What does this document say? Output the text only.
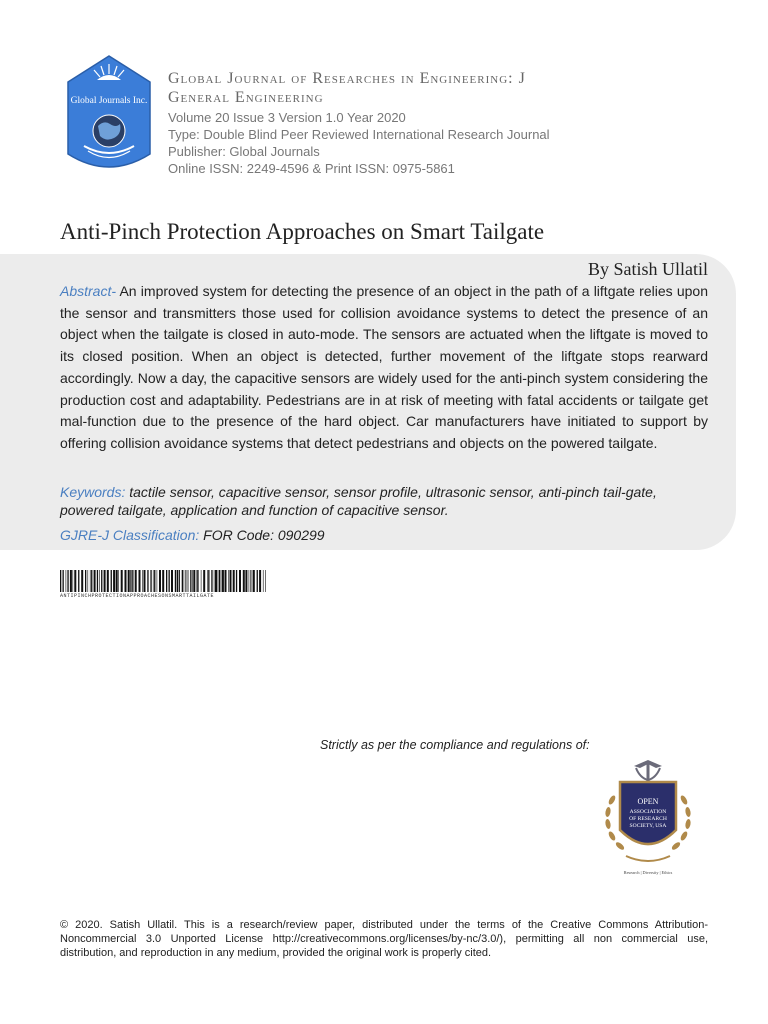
Global Journals Inc.
Global Journal of Researches in Engineering: J
General Engineering
Volume 20 Issue 3 Version 1.0 Year 2020
Type: Double Blind Peer Reviewed International Research Journal
Publisher: Global Journals
Online ISSN: 2249-4596 & Print ISSN: 0975-5861
Anti-Pinch Protection Approaches on Smart Tailgate
By Satish Ullatil
Abstract- An improved system for detecting the presence of an object in the path of a liftgate relies upon the sensor and transmitters those used for collision avoidance systems to detect the presence of an object when the tailgate is closed in auto-mode. The sensors are actuated when the liftgate is moved to its closed position. When an object is detected, further movement of the liftgate stops rearward accordingly. Now a day, the capacitive sensors are widely used for the anti-pinch system considering the production cost and adaptability. Pedestrians are in at risk of meeting with fatal accidents or tailgate get mal-function due to the presence of the hard object. Car manufacturers have initiated to support by offering collision avoidance systems that detect pedestrians and objects on the powered tailgate.
Keywords: tactile sensor, capacitive sensor, sensor profile, ultrasonic sensor, anti-pinch tail-gate, powered tailgate, application and function of capacitive sensor.
GJRE-J Classification: FOR Code: 090299
ANTIPINCHPROTECTIONAPPROACHESONSMARTTAILGATE
Strictly as per the compliance and regulations of:
OPEN
ASSOCIATION
OF RESEARCH
SOCIETY, USA
Research | Diversity | Ethics
© 2020. Satish Ullatil. This is a research/review paper, distributed under the terms of the Creative Commons Attribution-Noncommercial 3.0 Unported License http://creativecommons.org/licenses/by-nc/3.0/), permitting all non commercial use, distribution, and reproduction in any medium, provided the original work is properly cited.
